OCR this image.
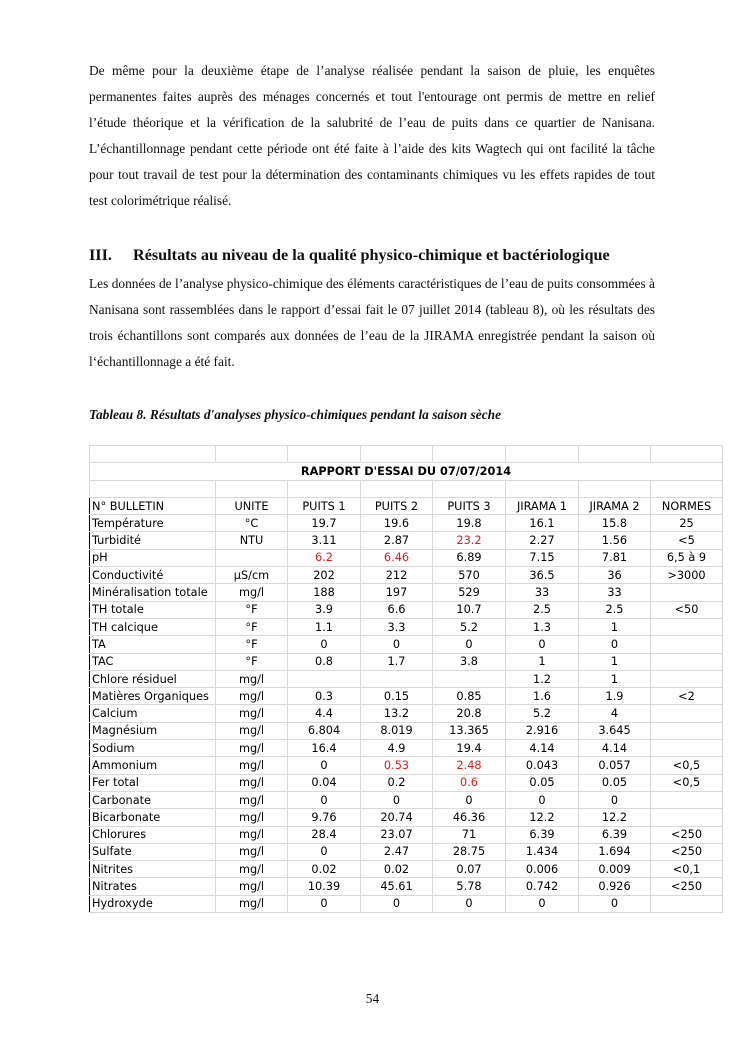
De même pour la deuxième étape de l’analyse réalisée pendant la saison de pluie, les enquêtes permanentes faites auprès des ménages concernés et tout l'entourage ont permis de mettre en relief l’étude théorique et la vérification de la salubrité de l’eau de puits dans ce quartier de Nanisana. L’échantillonnage pendant cette période ont été faite à l’aide des kits Wagtech qui ont facilité la tâche pour tout travail de test pour la détermination des contaminants chimiques vu les effets rapides de tout test colorimétrique réalisé.

III. Résultats au niveau de la qualité physico-chimique et bactériologique

Les données de l’analyse physico-chimique des éléments caractéristiques de l’eau de puits consommées à Nanisana sont rassemblées dans le rapport d’essai fait le 07 juillet 2014 (tableau 8), où les résultats des trois échantillons sont comparés aux données de l’eau de la JIRAMA enregistrée pendant la saison où l‘échantillonnage a été fait.

Tableau 8. Résultats d'analyses physico-chimiques pendant la saison sèche

RAPPORT D'ESSAI DU 07/07/2014							

N° BULLETIN	UNITE	PUITS 1	PUITS 2	PUITS 3	JIRAMA 1	JIRAMA 2	NORMES
Température	°C	19.7	19.6	19.8	16.1	15.8	25
Turbidité	NTU	3.11	2.87	23.2	2.27	1.56	<5
pH		6.2	6.46	6.89	7.15	7.81	6,5 à 9
Conductivité	µS/cm	202	212	570	36.5	36	>3000
Minéralisation totale	mg/l	188	197	529	33	33	
TH totale	°F	3.9	6.6	10.7	2.5	2.5	<50
TH calcique	°F	1.1	3.3	5.2	1.3	1	
TA	°F	0	0	0	0	0	
TAC	°F	0.8	1.7	3.8	1	1	
Chlore résiduel	mg/l				1.2	1	
Matières Organiques	mg/l	0.3	0.15	0.85	1.6	1.9	<2
Calcium	mg/l	4.4	13.2	20.8	5.2	4	
Magnésium	mg/l	6.804	8.019	13.365	2.916	3.645	
Sodium	mg/l	16.4	4.9	19.4	4.14	4.14	
Ammonium	mg/l	0	0.53	2.48	0.043	0.057	<0,5
Fer total	mg/l	0.04	0.2	0.6	0.05	0.05	<0,5
Carbonate	mg/l	0	0	0	0	0	
Bicarbonate	mg/l	9.76	20.74	46.36	12.2	12.2	
Chlorures	mg/l	28.4	23.07	71	6.39	6.39	<250
Sulfate	mg/l	0	2.47	28.75	1.434	1.694	<250
Nitrites	mg/l	0.02	0.02	0.07	0.006	0.009	<0,1
Nitrates	mg/l	10.39	45.61	5.78	0.742	0.926	<250
Hydroxyde	mg/l	0	0	0	0	0	

54
